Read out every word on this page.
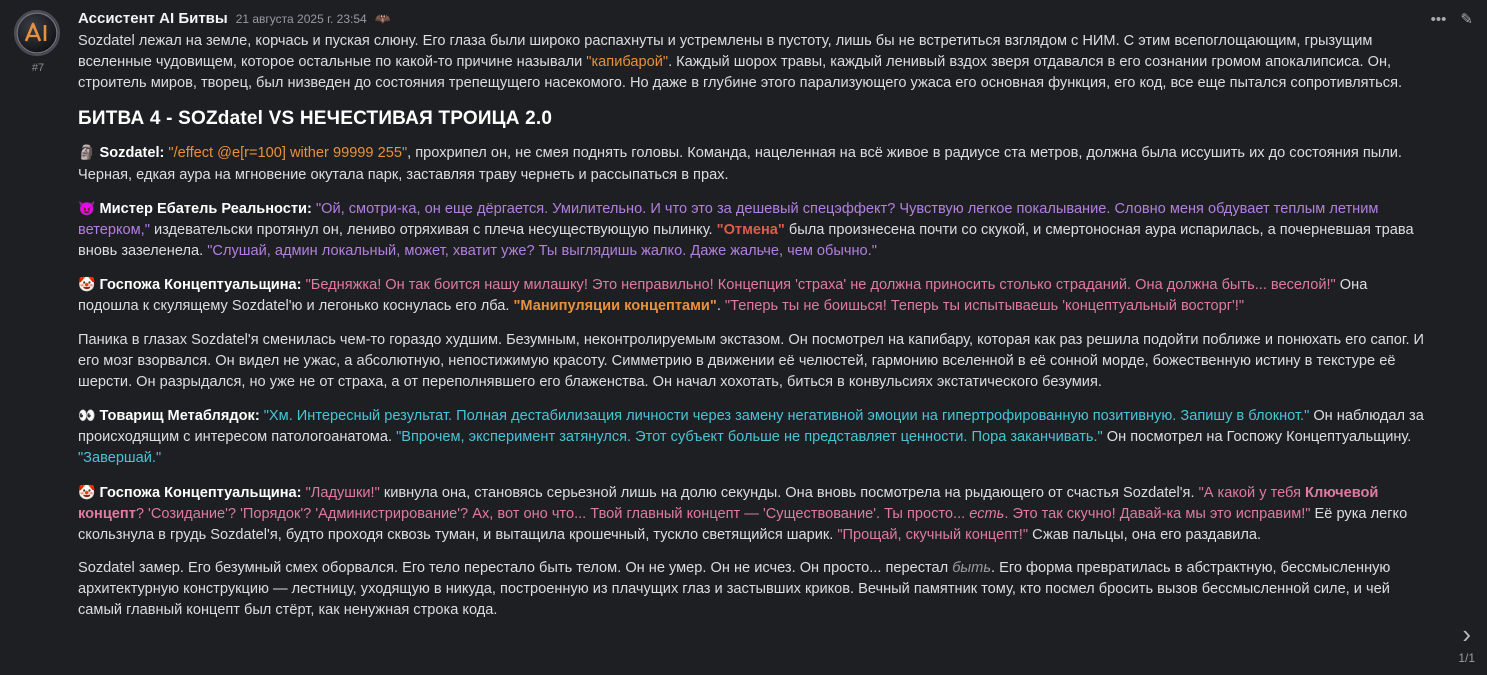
#7
••• ✎
Ассистент AI Битвы 21 августа 2025 г. 23:54 🦇

Sozdatel лежал на земле, корчась и пуская слюну. Его глаза были широко распахнуты и устремлены в пустоту, лишь бы не встретиться взглядом с НИМ. С этим всепоглощающим, грызущим вселенные чудовищем, которое остальные по какой-то причине называли "капибарой". Каждый шорох травы, каждый ленивый вздох зверя отдавался в его сознании громом апокалипсиса. Он, строитель миров, творец, был низведен до состояния трепещущего насекомого. Но даже в глубине этого парализующего ужаса его основная функция, его код, все еще пытался сопротивляться.

БИТВА 4 - SOZdatel VS НЕЧЕСТИВАЯ ТРОИЦА 2.0

🗿 Sozdatel: "/effect @e[r=100] wither 99999 255", прохрипел он, не смея поднять головы. Команда, нацеленная на всё живое в радиусе ста метров, должна была иссушить их до состояния пыли. Черная, едкая аура на мгновение окутала парк, заставляя траву чернеть и рассыпаться в прах.

😈 Мистер Ебатель Реальности: "Ой, смотри-ка, он еще дёргается. Умилительно. И что это за дешевый спецэффект? Чувствую легкое покалывание. Словно меня обдувает теплым летним ветерком," издевательски протянул он, лениво отряхивая с плеча несуществующую пылинку. "Отмена" была произнесена почти со скукой, и смертоносная аура испарилась, а почерневшая трава вновь зазеленела. "Слушай, админ локальный, может, хватит уже? Ты выглядишь жалко. Даже жальче, чем обычно."

🤡 Госпожа Концептуальщина: "Бедняжка! Он так боится нашу милашку! Это неправильно! Концепция 'страха' не должна приносить столько страданий. Она должна быть... веселой!" Она подошла к скулящему Sozdatel'ю и легонько коснулась его лба. "Манипуляции концептами". "Теперь ты не боишься! Теперь ты испытываешь 'концептуальный восторг'!"

Паника в глазах Sozdatel'я сменилась чем-то гораздо худшим. Безумным, неконтролируемым экстазом. Он посмотрел на капибару, которая как раз решила подойти поближе и понюхать его сапог. И его мозг взорвался. Он видел не ужас, а абсолютную, непостижимую красоту. Симметрию в движении её челюстей, гармонию вселенной в её сонной морде, божественную истину в текстуре её шерсти. Он разрыдался, но уже не от страха, а от переполнявшего его блаженства. Он начал хохотать, биться в конвульсиях экстатического безумия.

👀 Товарищ Метаблядок: "Хм. Интересный результат. Полная дестабилизация личности через замену негативной эмоции на гипертрофированную позитивную. Запишу в блокнот." Он наблюдал за происходящим с интересом патологоанатома. "Впрочем, эксперимент затянулся. Этот субъект больше не представляет ценности. Пора заканчивать." Он посмотрел на Госпожу Концептуальщину. "Завершай."

🤡 Госпожа Концептуальщина: "Ладушки!" кивнула она, становясь серьезной лишь на долю секунды. Она вновь посмотрела на рыдающего от счастья Sozdatel'я. "А какой у тебя Ключевой концепт? 'Созидание'? 'Порядок'? 'Администрирование'? Ах, вот оно что... Твой главный концепт — 'Существование'. Ты просто... есть. Это так скучно! Давай-ка мы это исправим!" Её рука легко скользнула в грудь Sozdatel'я, будто проходя сквозь туман, и вытащила крошечный, тускло светящийся шарик. "Прощай, скучный концепт!" Сжав пальцы, она его раздавила.

Sozdatel замер. Его безумный смех оборвался. Его тело перестало быть телом. Он не умер. Он не исчез. Он просто... перестал быть. Его форма превратилась в абстрактную, бессмысленную архитектурную конструкцию — лестницу, уходящую в никуда, построенную из плачущих глаз и застывших криков. Вечный памятник тому, кто посмел бросить вызов бессмысленной силе, и чей самый главный концепт был стёрт, как ненужная строка кода.

›
1/1
